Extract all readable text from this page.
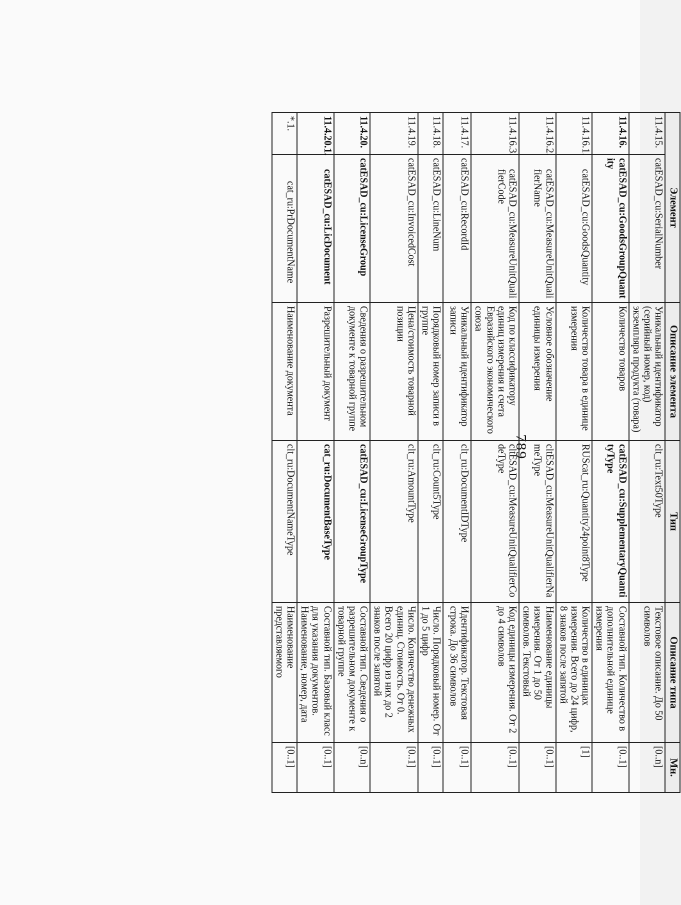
789
Элемент		Описание элемента	Тип	Описание типа	Мн.
11.4.15.	catESAD_cu:SerialNumber	Уникальный идентификатор (серийный номер, код) экземпляра продукта (товара)	clt_ru:Text50Type	Текстовое описание. До 50 символов	[0..n]
11.4.16.	catESAD_cu:GoodsGroupQuantity	Количество товаров	catESAD_cu:SupplementaryQuantityType	Составной тип. Количество в дополнительной единице измерения	[0..1]
11.4.16.1.	catESAD_cu:GoodsQuantity	Количество товара в единице измерения	RUScat_ru:Quantity24point8Type	Количество в единицах измерения. Всего до 24 цифр, 8 знаков после запятой	[1]
11.4.16.2.	catESAD_cu:MeasureUnitQualifierName	Условное обозначение единицы измерения	cltESAD_cu:MeasureUnitQualifierNameType	Наименование единицы измерения. От 1 до 50 символов. Текстовый	[0..1]
11.4.16.3.	catESAD_cu:MeasureUnitQualifierCode	Код по классификатору единиц измерения и счета Евразийского экономического союза	cltESAD_cu:MeasureUnitQualifierCodeType	Код единицы измерения. От 2 до 4 символов	[0..1]
11.4.17.	catESAD_cu:RecordId	Уникальный идентификатор записи	clt_ru:DocumentIDType	Идентификатор. Текстовая строка. До 36 символов	[0..1]
11.4.18.	catESAD_cu:LineNum	Порядковый номер записи в группе	clt_ru:Count5Type	Число. Порядковый номер. От 1 до 5 цифр	[0..1]
11.4.19.	catESAD_cu:InvoicedCost	Цена/стоимость товарной позиции	clt_ru:AmountType	Число. Количество денежных единиц. Стоимость. От 0. Всего 20 цифр из них до 2 знаков после запятой	[0..1]
11.4.20.	catESAD_cu:LicenseGroup	Сведения о разрешительном документе к товарной группе	catESAD_cu:LicenseGroupType	Составной тип. Сведения о разрешительном документе к товарной группе	[0..n]
11.4.20.1.	catESAD_cu:LicDocument	Разрешительный документ	cat_ru:DocumentBaseType	Составной тип. Базовый класс для указания документов. Наименование, номер, дата	[0..1]
*.1.	cat_ru:PrDocumentName	Наименование документа	clt_ru:DocumentNameType	Наименование представляемого	[0..1]
